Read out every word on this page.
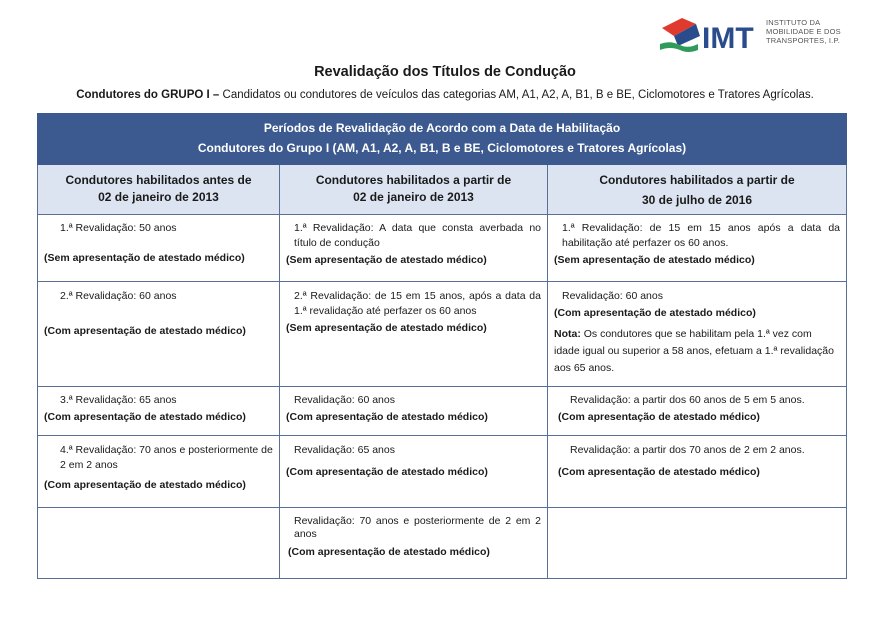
IMT INSTITUTO DA
MOBILIDADE E DOS
TRANSPORTES, I.P.
Revalidação dos Títulos de Condução
Condutores do GRUPO I – Candidatos ou condutores de veículos das categorias AM, A1, A2, A, B1, B e BE, Ciclomotores e Tratores Agrícolas.
Períodos de Revalidação de Acordo com a Data de Habilitação
Condutores do Grupo I (AM, A1, A2, A, B1, B e BE, Ciclomotores e Tratores Agrícolas)
Condutores habilitados antes de
02 de janeiro de 2013
Condutores habilitados a partir de
02 de janeiro de 2013
Condutores habilitados a partir de
30 de julho de 2016
1.ª Revalidação: 50 anos
(Sem apresentação de atestado médico)
1.ª Revalidação: A data que consta averbada no título de condução
(Sem apresentação de atestado médico)
1.ª Revalidação: de 15 em 15 anos após a data da habilitação até perfazer os 60 anos.
(Sem apresentação de atestado médico)
2.ª Revalidação: 60 anos
(Com apresentação de atestado médico)
2.ª Revalidação: de 15 em 15 anos, após a data da 1.ª revalidação até perfazer os 60 anos
(Sem apresentação de atestado médico)
Revalidação: 60 anos
(Com apresentação de atestado médico)
Nota: Os condutores que se habilitam pela 1.ª vez com idade igual ou superior a 58 anos, efetuam a 1.ª revalidação aos 65 anos.
3.ª Revalidação: 65 anos
(Com apresentação de atestado médico)
Revalidação: 60 anos
(Com apresentação de atestado médico)
Revalidação: a partir dos 60 anos de 5 em 5 anos.
(Com apresentação de atestado médico)
4.ª Revalidação: 70 anos e posteriormente de 2 em 2 anos
(Com apresentação de atestado médico)
Revalidação: 65 anos
(Com apresentação de atestado médico)
Revalidação: a partir dos 70 anos de 2 em 2 anos.
(Com apresentação de atestado médico)
Revalidação: 70 anos e posteriormente de 2 em 2 anos
(Com apresentação de atestado médico)
